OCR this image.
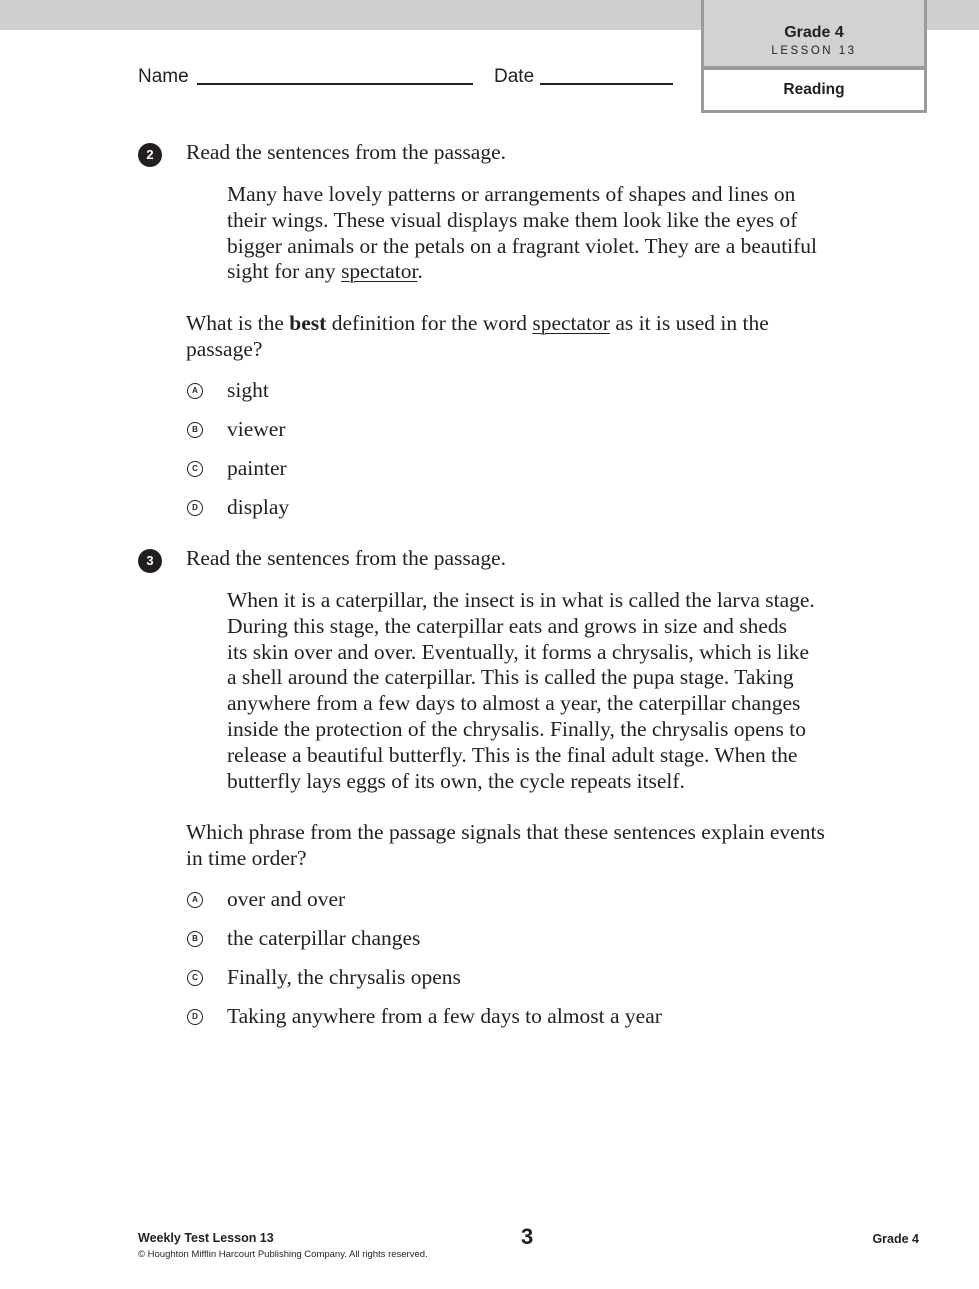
Grade 4
LESSON 13
Reading
Name	Date
2	Read the sentences from the passage.
Many have lovely patterns or arrangements of shapes and lines on
their wings. These visual displays make them look like the eyes of
bigger animals or the petals on a fragrant violet. They are a beautiful
sight for any spectator.
What is the best definition for the word spectator as it is used in the
passage?
A sight
B viewer
C painter
D display
3	Read the sentences from the passage.
When it is a caterpillar, the insect is in what is called the larva stage.
During this stage, the caterpillar eats and grows in size and sheds
its skin over and over. Eventually, it forms a chrysalis, which is like
a shell around the caterpillar. This is called the pupa stage. Taking
anywhere from a few days to almost a year, the caterpillar changes
inside the protection of the chrysalis. Finally, the chrysalis opens to
release a beautiful butterfly. This is the final adult stage. When the
butterfly lays eggs of its own, the cycle repeats itself.
Which phrase from the passage signals that these sentences explain events
in time order?
A over and over
B the caterpillar changes
C Finally, the chrysalis opens
D Taking anywhere from a few days to almost a year
Weekly Test Lesson 13
© Houghton Mifflin Harcourt Publishing Company. All rights reserved.
3	Grade 4
